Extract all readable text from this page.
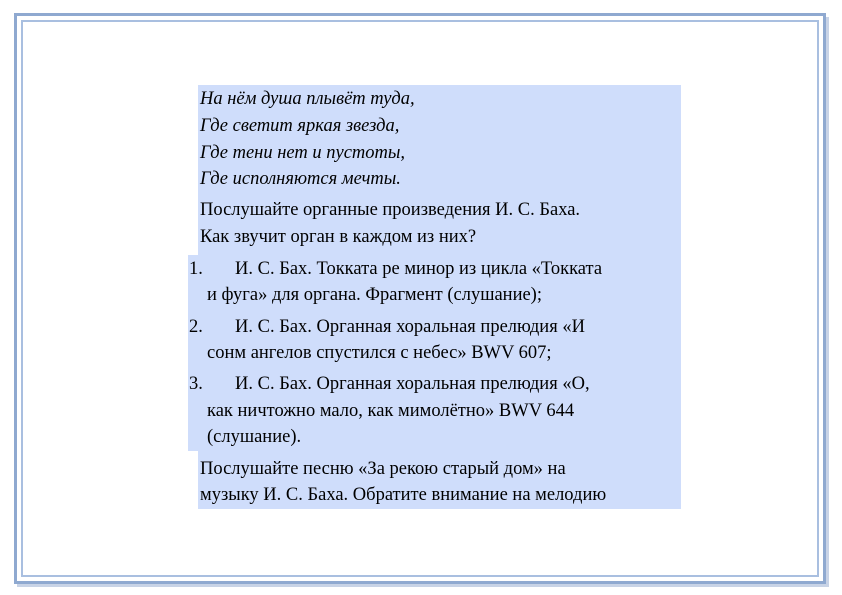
На нём душа плывёт туда,
Где светит яркая звезда,
Где тени нет и пустоты,
Где исполняются мечты.
Послушайте органные произведения И. С. Баха.
Как звучит орган в каждом из них?
1. И. С. Бах. Токката ре минор из цикла «Токката
и фуга» для органа. Фрагмент (слушание);
2. И. С. Бах. Органная хоральная прелюдия «И
сонм ангелов спустился с небес» BWV 607;
3. И. С. Бах. Органная хоральная прелюдия «О,
как ничтожно мало, как мимолётно» BWV 644
(слушание).
Послушайте песню «За рекою старый дом» на
музыку И. С. Баха. Обратите внимание на мелодию
